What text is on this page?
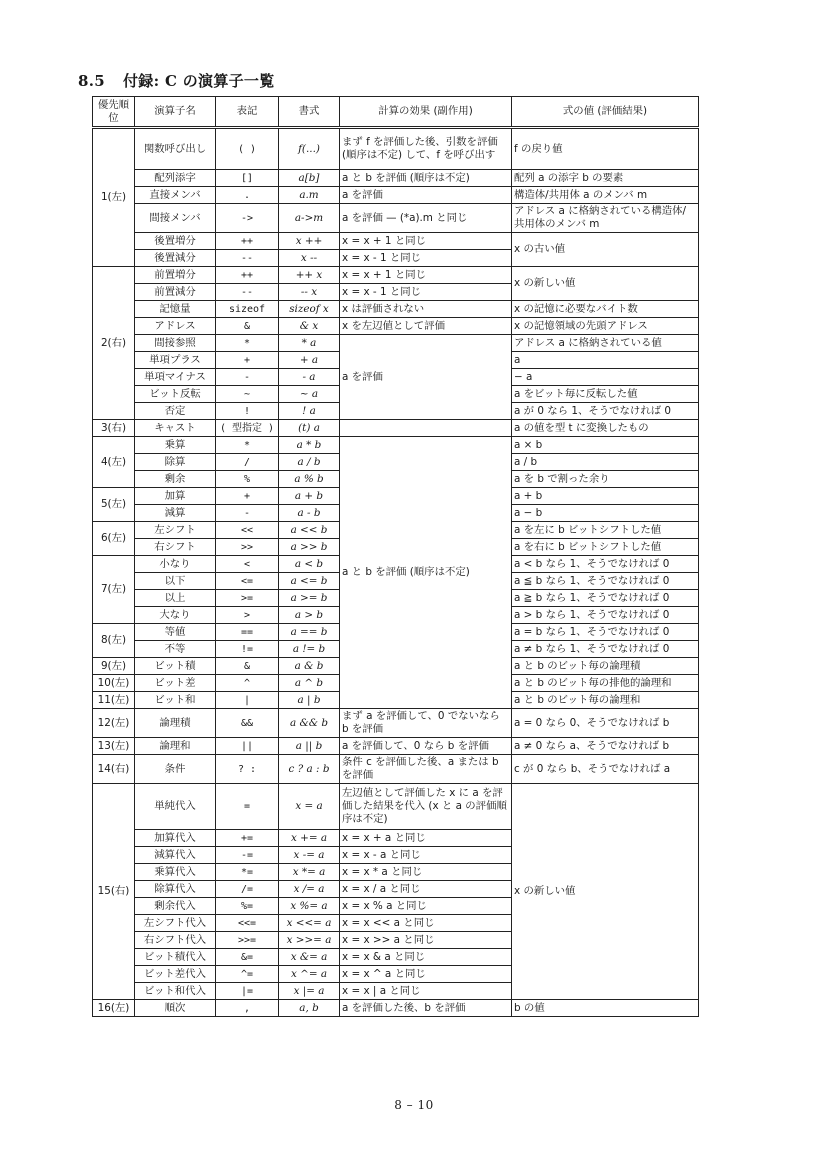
8.5 付録: C の演算子一覧
優先順位	演算子名	表記	書式	計算の効果 (副作用)	式の値 (評価結果)
1(左)	関数呼び出し	( )	f(...)	まず f を評価した後、引数を評価 (順序は不定) して、f を呼び出す	f の戻り値
	配列添字	[]	a[b]	a と b を評価 (順序は不定)	配列 a の添字 b の要素
	直接メンバ	.	a.m	a を評価	構造体/共用体 a のメンバ m
	間接メンバ	->	a->m	a を評価 — (*a).m と同じ	アドレス a に格納されている構造体/共用体のメンバ m
	後置増分	++	x ++	x = x + 1 と同じ	x の古い値
	後置減分	--	x --	x = x - 1 と同じ	
2(右)	前置増分	++	++ x	x = x + 1 と同じ	x の新しい値
	前置減分	--	-- x	x = x - 1 と同じ	
	記憶量	sizeof	sizeof x	x は評価されない	x の記憶に必要なバイト数
	アドレス	&	& x	x を左辺値として評価	x の記憶領域の先頭アドレス
	間接参照	*	* a	a を評価	アドレス a に格納されている値
	単項プラス	+	+ a		a
	単項マイナス	-	- a		− a
	ビット反転	~	~ a		a をビット毎に反転した値
	否定	!	! a		a が 0 なら 1、そうでなければ 0
3(右)	キャスト	( 型指定 )	(t) a		a の値を型 t に変換したもの
4(左)	乗算	*	a * b	a と b を評価 (順序は不定)	a × b
	除算	/	a / b		a / b
	剰余	%	a % b		a を b で割った余り
5(左)	加算	+	a + b		a + b
	減算	-	a - b		a − b
6(左)	左シフト	<<	a << b		a を左に b ビットシフトした値
	右シフト	>>	a >> b		a を右に b ビットシフトした値
7(左)	小なり	<	a < b		a < b なら 1、そうでなければ 0
	以下	<=	a <= b		a ≦ b なら 1、そうでなければ 0
	以上	>=	a >= b		a ≧ b なら 1、そうでなければ 0
	大なり	>	a > b		a > b なら 1、そうでなければ 0
8(左)	等値	==	a == b		a = b なら 1、そうでなければ 0
	不等	!=	a != b		a ≠ b なら 1、そうでなければ 0
9(左)	ビット積	&	a & b		a と b のビット毎の論理積
10(左)	ビット差	^	a ^ b		a と b のビット毎の排他的論理和
11(左)	ビット和	|	a | b		a と b のビット毎の論理和
12(左)	論理積	&&	a && b	まず a を評価して、0 でないなら b を評価	a = 0 なら 0、そうでなければ b
13(左)	論理和	||	a || b	a を評価して、0 なら b を評価	a ≠ 0 なら a、そうでなければ b
14(右)	条件	? :	c ? a : b	条件 c を評価した後、a または b を評価	c が 0 なら b、そうでなければ a
15(右)	単純代入	=	x = a	左辺値として評価した x に a を評価した結果を代入 (x と a の評価順序は不定)	x の新しい値
	加算代入	+=	x += a	x = x + a と同じ	
	減算代入	-=	x -= a	x = x - a と同じ	
	乗算代入	*=	x *= a	x = x * a と同じ	
	除算代入	/=	x /= a	x = x / a と同じ	
	剰余代入	%=	x %= a	x = x % a と同じ	
	左シフト代入	<<=	x <<= a	x = x << a と同じ	
	右シフト代入	>>=	x >>= a	x = x >> a と同じ	
	ビット積代入	&=	x &= a	x = x & a と同じ	
	ビット差代入	^=	x ^= a	x = x ^ a と同じ	
	ビット和代入	|=	x |= a	x = x | a と同じ	
16(左)	順次	,	a, b	a を評価した後、b を評価	b の値
8 – 10
